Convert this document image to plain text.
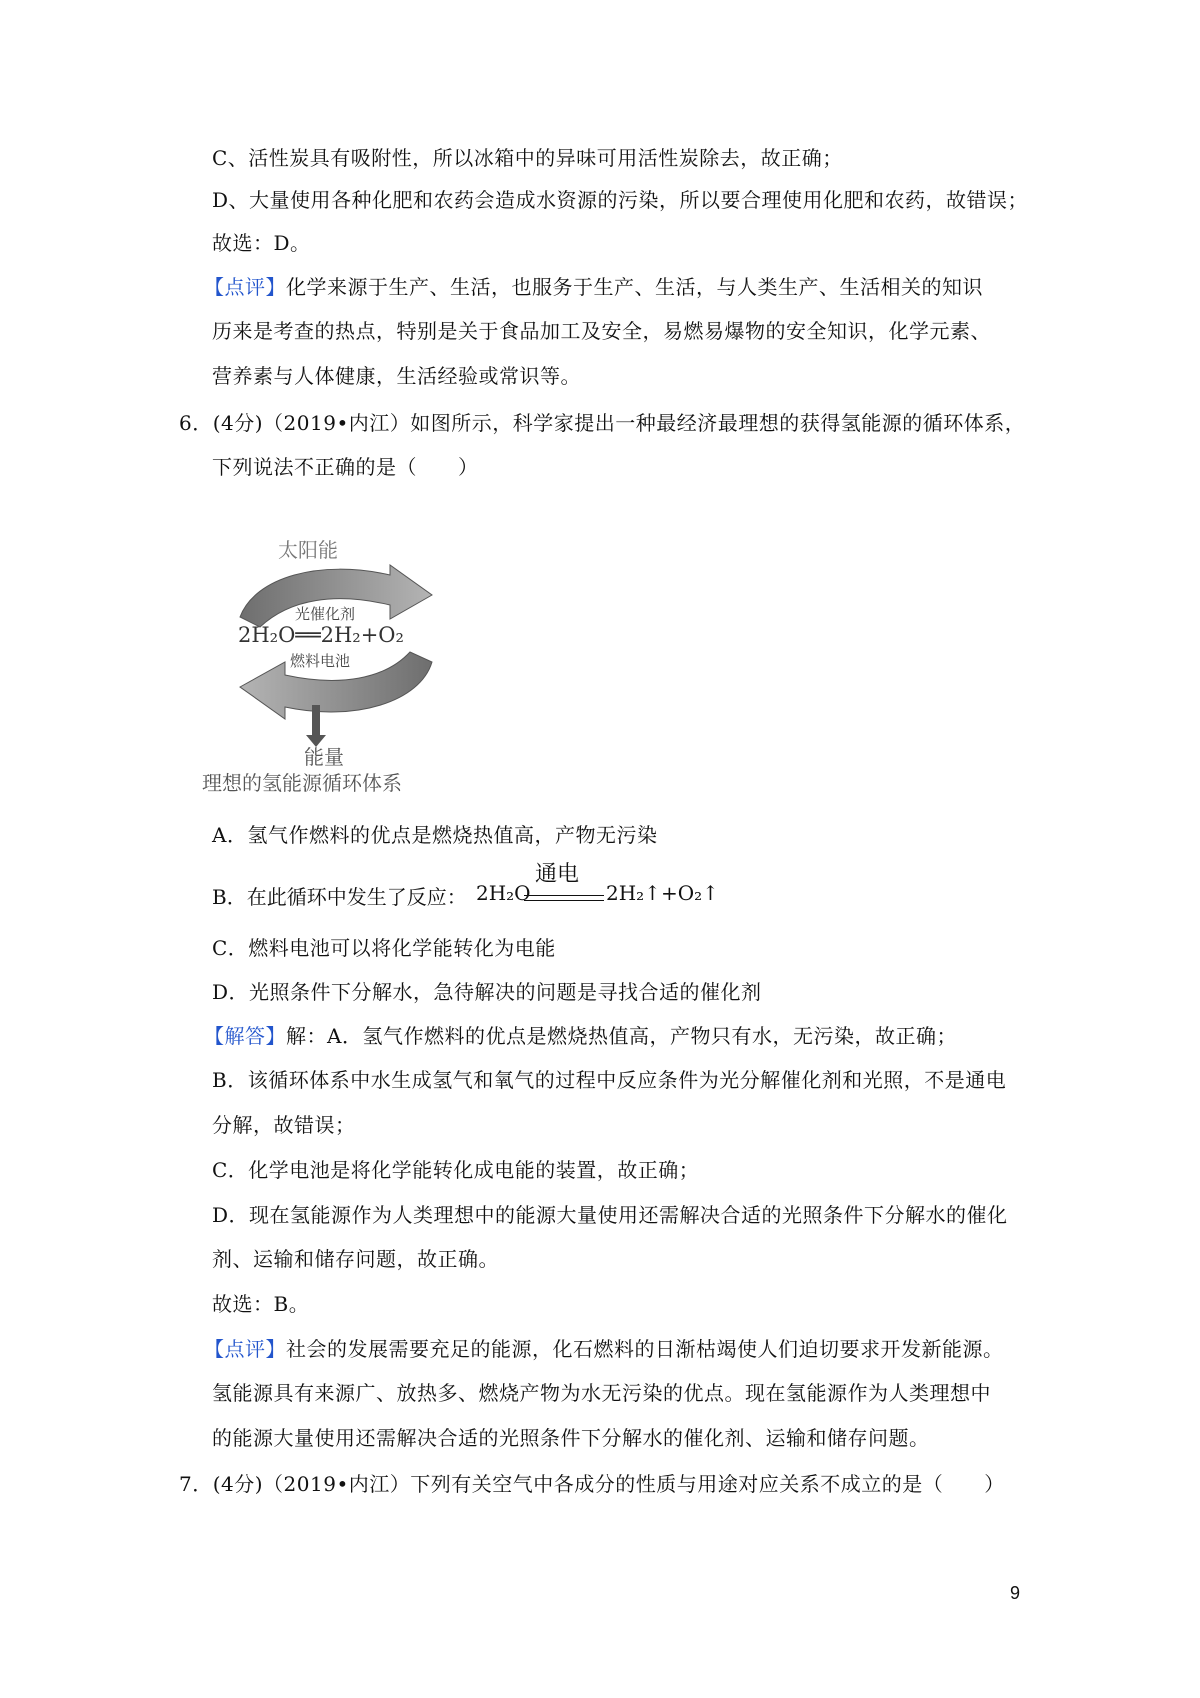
C、活性炭具有吸附性，所以冰箱中的异味可用活性炭除去，故正确；
D、大量使用各种化肥和农药会造成水资源的污染，所以要合理使用化肥和农药，故错误；
故选：D。
【点评】化学来源于生产、生活，也服务于生产、生活，与人类生产、生活相关的知识
历来是考查的热点，特别是关于食品加工及安全，易燃易爆物的安全知识，化学元素、
营养素与人体健康，生活经验或常识等。
6．(4分)（2019•内江）如图所示，科学家提出一种最经济最理想的获得氢能源的循环体系，
下列说法不正确的是（　　）
太阳能
光催化剂
2H₂O══2H₂+O₂
燃料电池
能量
理想的氢能源循环体系
A．氢气作燃料的优点是燃烧热值高，产物无污染
B．在此循环中发生了反应： 2H₂O
通电
2H₂↑+O₂↑
C．燃料电池可以将化学能转化为电能
D．光照条件下分解水，急待解决的问题是寻找合适的催化剂
【解答】解：A．氢气作燃料的优点是燃烧热值高，产物只有水，无污染，故正确；
B．该循环体系中水生成氢气和氧气的过程中反应条件为光分解催化剂和光照，不是通电
分解，故错误；
C．化学电池是将化学能转化成电能的装置，故正确；
D．现在氢能源作为人类理想中的能源大量使用还需解决合适的光照条件下分解水的催化
剂、运输和储存问题，故正确。
故选：B。
【点评】社会的发展需要充足的能源，化石燃料的日渐枯竭使人们迫切要求开发新能源。
氢能源具有来源广、放热多、燃烧产物为水无污染的优点。现在氢能源作为人类理想中
的能源大量使用还需解决合适的光照条件下分解水的催化剂、运输和储存问题。
7．(4分)（2019•内江）下列有关空气中各成分的性质与用途对应关系不成立的是（　　）
9
